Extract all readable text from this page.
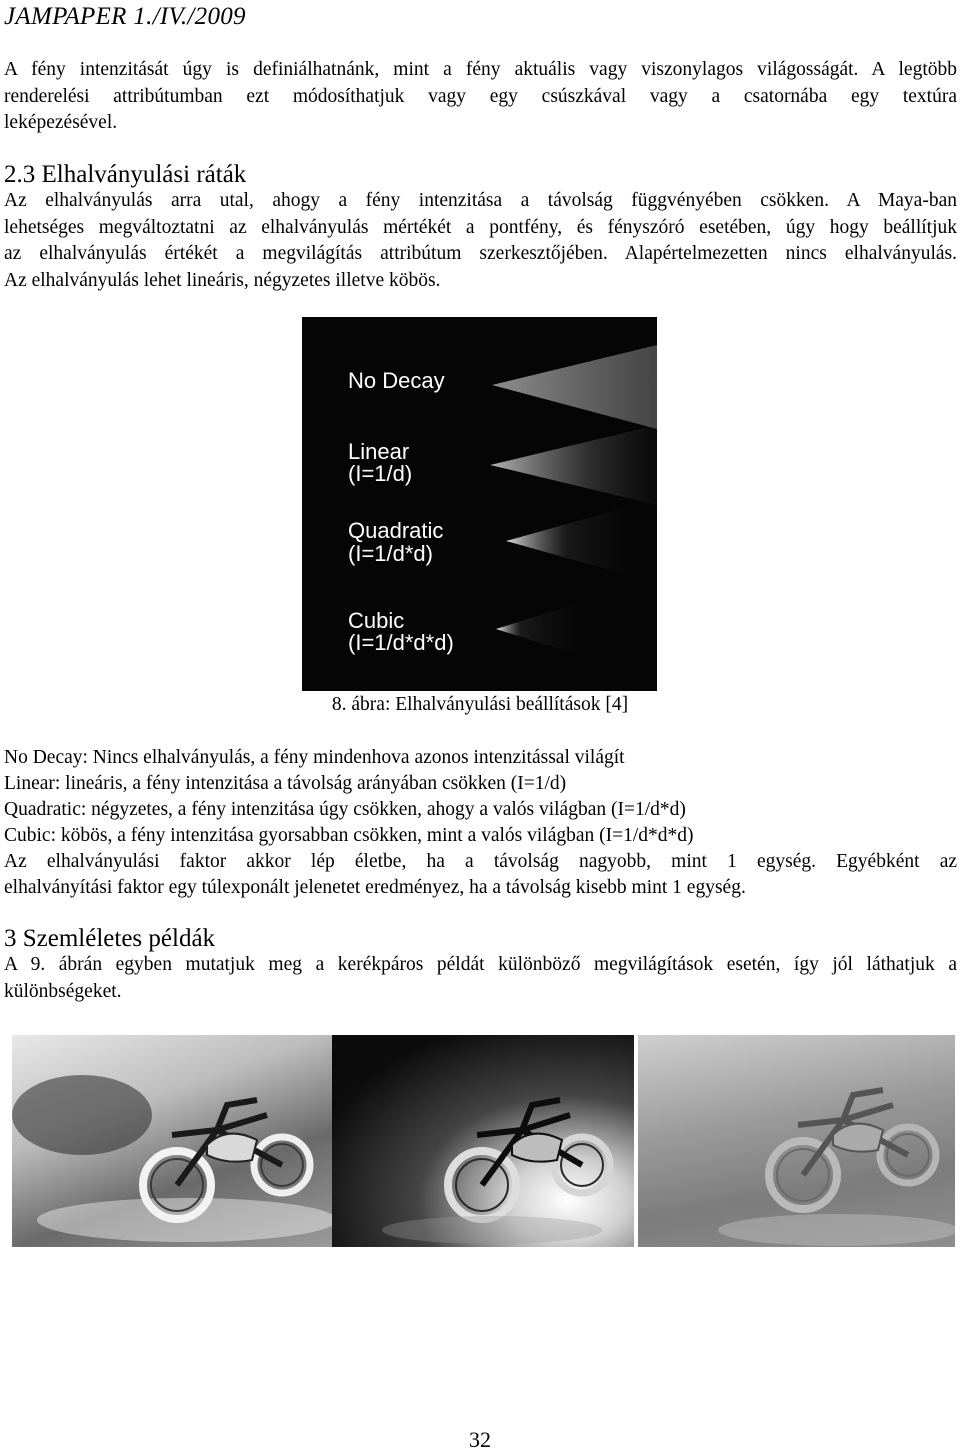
JAMPAPER 1./IV./2009
A fény intenzitását úgy is definiálhatnánk, mint a fény aktuális vagy viszonylagos világosságát. A legtöbb
renderelési attribútumban ezt módosíthatjuk vagy egy csúszkával vagy a csatornába egy textúra
leképezésével.
2.3 Elhalványulási ráták
Az elhalványulás arra utal, ahogy a fény intenzitása a távolság függvényében csökken. A Maya-ban
lehetséges megváltoztatni az elhalványulás mértékét a pontfény, és fényszóró esetében, úgy hogy beállítjuk
az elhalványulás értékét a megvilágítás attribútum szerkesztőjében. Alapértelmezetten nincs elhalványulás.
Az elhalványulás lehet lineáris, négyzetes illetve köbös.
No Decay
Linear
(I=1/d)
Quadratic
(I=1/d*d)
Cubic
(I=1/d*d*d)
8. ábra: Elhalványulási beállítások [4]
No Decay: Nincs elhalványulás, a fény mindenhova azonos intenzitással világít
Linear: lineáris, a fény intenzitása a távolság arányában csökken (I=1/d)
Quadratic: négyzetes, a fény intenzitása úgy csökken, ahogy a valós világban (I=1/d*d)
Cubic: köbös, a fény intenzitása gyorsabban csökken, mint a valós világban (I=1/d*d*d)
Az elhalványulási faktor akkor lép életbe, ha a távolság nagyobb, mint 1 egység. Egyébként az
elhalványítási faktor egy túlexponált jelenetet eredményez, ha a távolság kisebb mint 1 egység.
3 Szemléletes példák
A 9. ábrán egyben mutatjuk meg a kerékpáros példát különböző megvilágítások esetén, így jól láthatjuk a
különbségeket.
32
